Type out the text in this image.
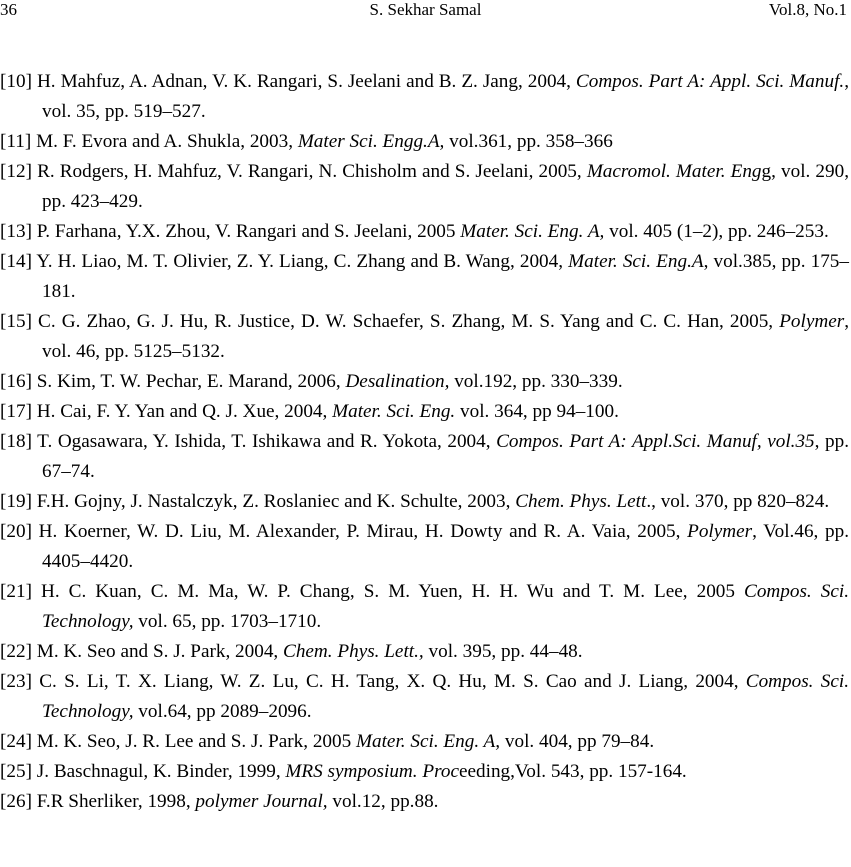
36	S. Sekhar Samal	Vol.8, No.1

[10] H. Mahfuz, A. Adnan, V. K. Rangari, S. Jeelani and B. Z. Jang, 2004, Compos. Part A: Appl. Sci. Manuf., vol. 35, pp. 519–527.

[11] M. F. Evora and A. Shukla, 2003, Mater Sci. Engg.A, vol.361, pp. 358–366

[12] R. Rodgers, H. Mahfuz, V. Rangari, N. Chisholm and S. Jeelani, 2005, Macromol. Mater. Engg, vol. 290, pp. 423–429.

[13] P. Farhana, Y.X. Zhou, V. Rangari and S. Jeelani, 2005 Mater. Sci. Eng. A, vol. 405 (1–2), pp. 246–253.

[14] Y. H. Liao, M. T. Olivier, Z. Y. Liang, C. Zhang and B. Wang, 2004, Mater. Sci. Eng.A, vol.385, pp. 175–181.

[15] C. G. Zhao, G. J. Hu, R. Justice, D. W. Schaefer, S. Zhang, M. S. Yang and C. C. Han, 2005, Polymer, vol. 46, pp. 5125–5132.

[16] S. Kim, T. W. Pechar, E. Marand, 2006, Desalination, vol.192, pp. 330–339.

[17] H. Cai, F. Y. Yan and Q. J. Xue, 2004, Mater. Sci. Eng. vol. 364, pp 94–100.

[18] T. Ogasawara, Y. Ishida, T. Ishikawa and R. Yokota, 2004, Compos. Part A: Appl.Sci. Manuf, vol.35, pp. 67–74.

[19] F.H. Gojny, J. Nastalczyk, Z. Roslaniec and K. Schulte, 2003, Chem. Phys. Lett., vol. 370, pp 820–824.

[20] H. Koerner, W. D. Liu, M. Alexander, P. Mirau, H. Dowty and R. A. Vaia, 2005, Polymer, Vol.46, pp. 4405–4420.

[21] H. C. Kuan, C. M. Ma, W. P. Chang, S. M. Yuen, H. H. Wu and T. M. Lee, 2005 Compos. Sci. Technology, vol. 65, pp. 1703–1710.

[22] M. K. Seo and S. J. Park, 2004, Chem. Phys. Lett., vol. 395, pp. 44–48.

[23] C. S. Li, T. X. Liang, W. Z. Lu, C. H. Tang, X. Q. Hu, M. S. Cao and J. Liang, 2004, Compos. Sci. Technology, vol.64, pp 2089–2096.

[24] M. K. Seo, J. R. Lee and S. J. Park, 2005 Mater. Sci. Eng. A, vol. 404, pp 79–84.

[25] J. Baschnagul, K. Binder, 1999, MRS symposium. Proceeding,Vol. 543, pp. 157-164.

[26] F.R Sherliker, 1998, polymer Journal, vol.12, pp.88.
